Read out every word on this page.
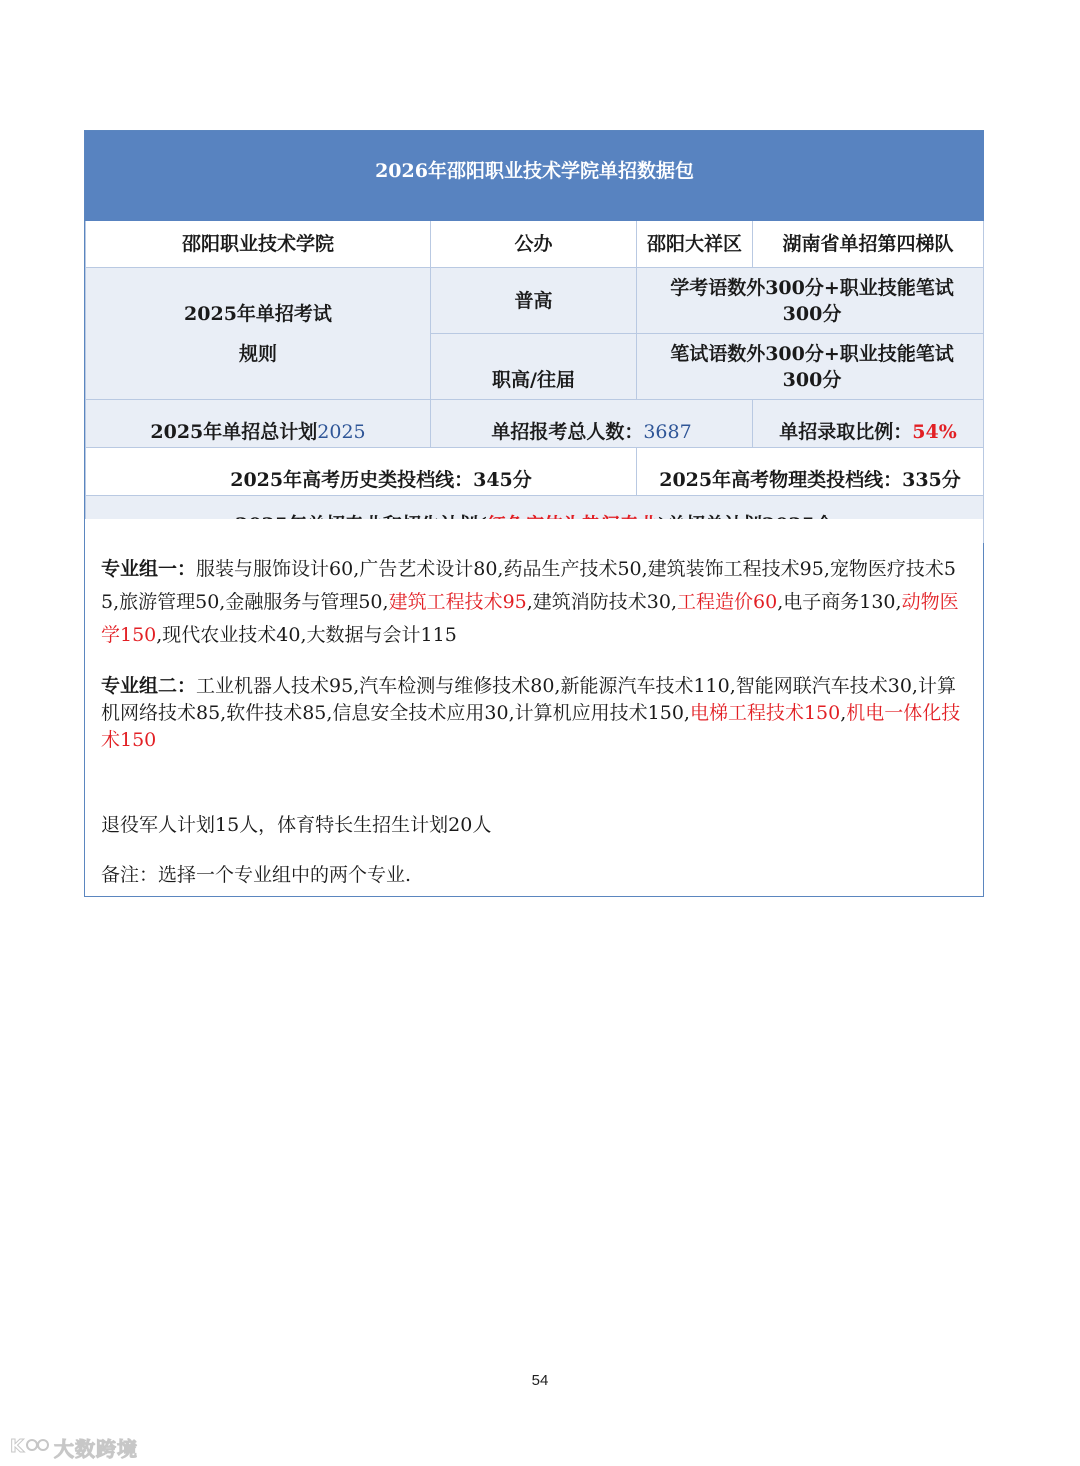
2026年邵阳职业技术学院单招数据包			
邵阳职业技术学院	公办	邵阳大祥区	湖南省单招第四梯队

2025年单招考试
规则	普高	学考语数外300分+职业技能笔试300分	
	职高/往届	笔试语数外300分+职业技能笔试300分	
2025年单招总计划2025	单招报考总人数：3687		单招录取比例：54%
2025年高考历史类投档线：345分		2025年高考物理类投档线：335分	

专业组一：服装与服饰设计60,广告艺术设计80,药品生产技术50,建筑装饰工程技术95,宠物医疗技术55,旅游管理50,金融服务与管理50,建筑工程技术95,建筑消防技术30,工程造价60,电子商务130,动物医学150,现代农业技术40,大数据与会计115
专业组二：工业机器人技术95,汽车检测与维修技术80,新能源汽车技术110,智能网联汽车技术30,计算机网络技术85,软件技术85,信息安全技术应用30,计算机应用技术150,电梯工程技术150,机电一体化技术150
退役军人计划15人，体育特长生招生计划20人
备注：选择一个专业组中的两个专业.
54
K 大数跨境
